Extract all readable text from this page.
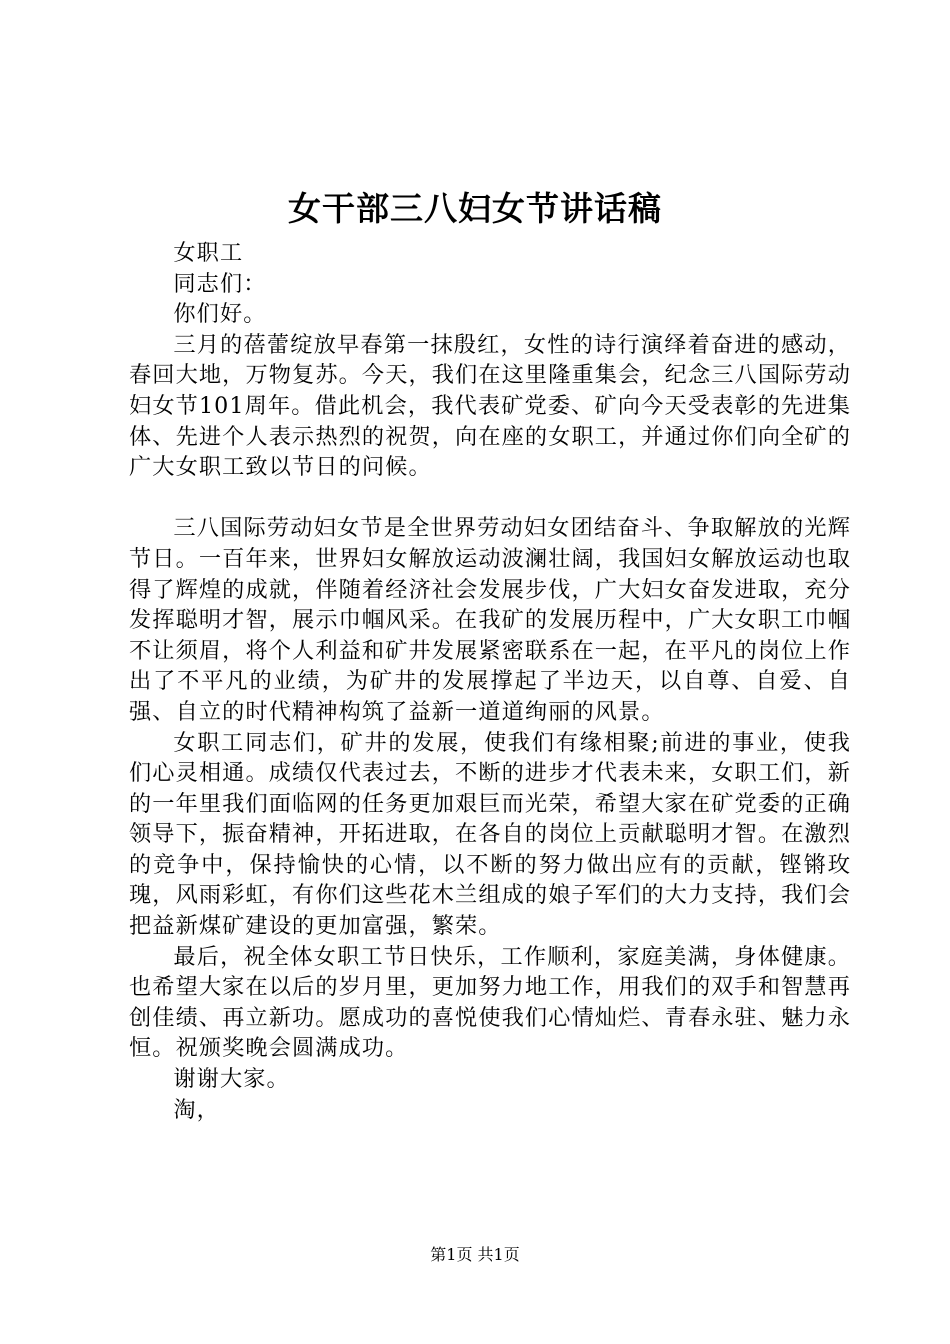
女干部三八妇女节讲话稿

女职工

同志们：

你们好。

三月的蓓蕾绽放早春第一抹殷红，女性的诗行演绎着奋进的感动，春回大地，万物复苏。今天，我们在这里隆重集会，纪念三八国际劳动妇女节101周年。借此机会，我代表矿党委、矿向今天受表彰的先进集体、先进个人表示热烈的祝贺，向在座的女职工，并通过你们向全矿的广大女职工致以节日的问候。

三八国际劳动妇女节是全世界劳动妇女团结奋斗、争取解放的光辉节日。一百年来，世界妇女解放运动波澜壮阔，我国妇女解放运动也取得了辉煌的成就，伴随着经济社会发展步伐，广大妇女奋发进取，充分发挥聪明才智，展示巾帼风采。在我矿的发展历程中，广大女职工巾帼不让须眉，将个人利益和矿井发展紧密联系在一起，在平凡的岗位上作出了不平凡的业绩，为矿井的发展撑起了半边天，以自尊、自爱、自强、自立的时代精神构筑了益新一道道绚丽的风景。

女职工同志们，矿井的发展，使我们有缘相聚;前进的事业，使我们心灵相通。成绩仅代表过去，不断的进步才代表未来，女职工们，新的一年里我们面临网的任务更加艰巨而光荣，希望大家在矿党委的正确领导下，振奋精神，开拓进取，在各自的岗位上贡献聪明才智。在激烈的竞争中，保持愉快的心情，以不断的努力做出应有的贡献，铿锵玫瑰，风雨彩虹，有你们这些花木兰组成的娘子军们的大力支持，我们会把益新煤矿建设的更加富强，繁荣。

最后，祝全体女职工节日快乐，工作顺利，家庭美满，身体健康。也希望大家在以后的岁月里，更加努力地工作，用我们的双手和智慧再创佳绩、再立新功。愿成功的喜悦使我们心情灿烂、青春永驻、魅力永恒。祝颁奖晚会圆满成功。

谢谢大家。

淘，

第1页 共1页
